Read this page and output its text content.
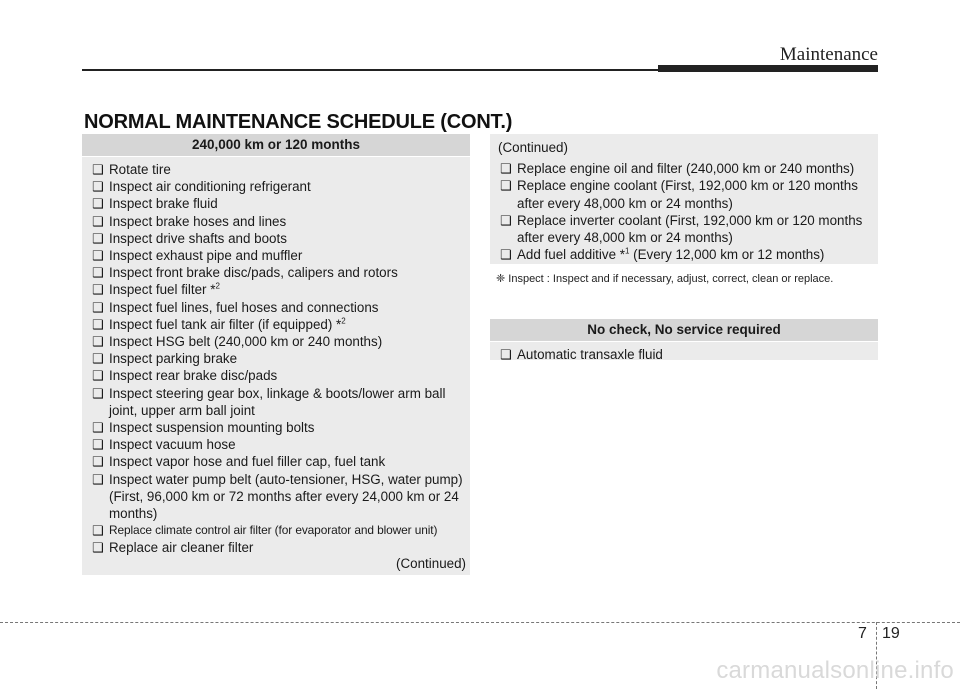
Maintenance
NORMAL MAINTENANCE SCHEDULE (CONT.)
240,000 km or 120 months
❑ Rotate tire
❑ Inspect air conditioning refrigerant
❑ Inspect brake fluid
❑ Inspect brake hoses and lines
❑ Inspect drive shafts and boots
❑ Inspect exhaust pipe and muffler
❑ Inspect front brake disc/pads, calipers and rotors
❑ Inspect fuel filter *$^2$
❑ Inspect fuel lines, fuel hoses and connections
❑ Inspect fuel tank air filter (if equipped) *$^2$
❑ Inspect HSG belt (240,000 km or 240 months)
❑ Inspect parking brake
❑ Inspect rear brake disc/pads
❑ Inspect steering gear box, linkage & boots/lower arm ball joint, upper arm ball joint
❑ Inspect suspension mounting bolts
❑ Inspect vacuum hose
❑ Inspect vapor hose and fuel filler cap, fuel tank
❑ Inspect water pump belt (auto-tensioner, HSG, water pump) (First, 96,000 km or 72 months after every 24,000 km or 24 months)
❑ Replace climate control air filter (for evaporator and blower unit)
❑ Replace air cleaner filter
(Continued)
(Continued)
❑ Replace engine oil and filter (240,000 km or 240 months)
❑ Replace engine coolant (First, 192,000 km or 120 months after every 48,000 km or 24 months)
❑ Replace inverter coolant (First, 192,000 km or 120 months after every 48,000 km or 24 months)
❑ Add fuel additive *$^1$ (Every 12,000 km or 12 months)
❈ Inspect : Inspect and if necessary, adjust, correct, clean or replace.
No check, No service required
❑ Automatic transaxle fluid
7 19
carmanualsonline.info
